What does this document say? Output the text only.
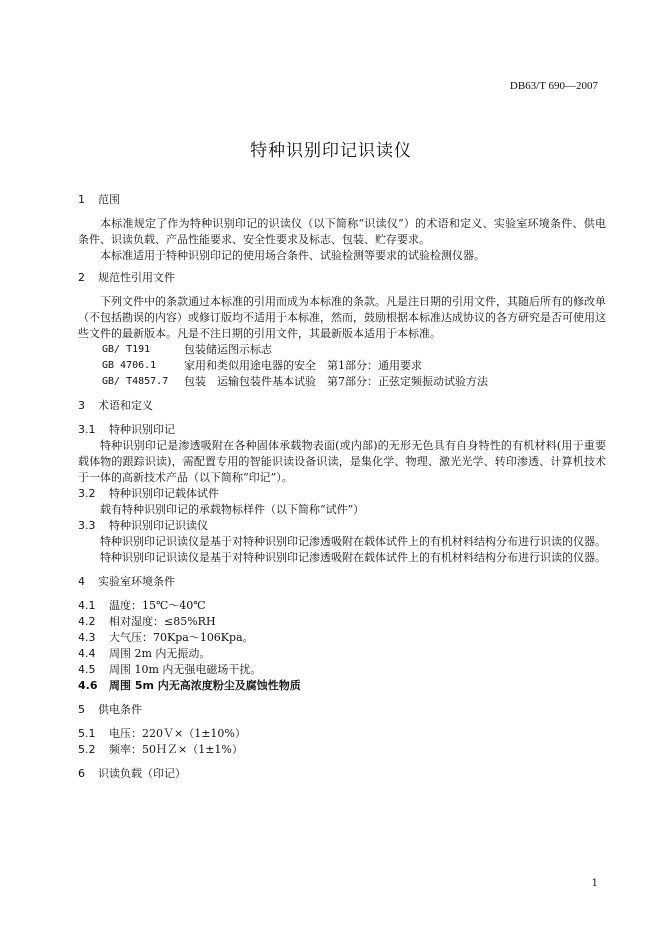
DB63/T 690—2007
特种识别印记识读仪

1 范围

本标准规定了作为特种识别印记的识读仪（以下简称“识读仪”）的术语和定义、实验室环境条件、供电条件、识读负载、产品性能要求、安全性要求及标志、包装、贮存要求。

本标准适用于特种识别印记的使用场合条件、试验检测等要求的试验检测仪器。

2 规范性引用文件

下列文件中的条款通过本标准的引用而成为本标准的条款。凡是注日期的引用文件，其随后所有的修改单（不包括勘误的内容）或修订版均不适用于本标准，然而，鼓励根据本标准达成协议的各方研究是否可使用这些文件的最新版本。凡是不注日期的引用文件，其最新版本适用于本标准。

GB/ T191	包装储运图示标志
GB 4706.1	家用和类似用途电器的安全　第1部分：通用要求
GB/ T4857.7	包装　运输包装件基本试验　第7部分：正弦定频振动试验方法

3 术语和定义

3.1 特种识别印记

特种识别印记是渗透吸附在各种固体承载物表面(或内部)的无形无色具有自身特性的有机材料(用于重要载体物的跟踪识读)，需配置专用的智能识读设备识读，是集化学、物理、激光光学、转印渗透、计算机技术于一体的高新技术产品（以下简称“印记”）。

3.2 特种识别印记载体试件

载有特种识别印记的承载物标样件（以下简称“试件”）

3.3 特种识别印记识读仪

特种识别印记识读仪是基于对特种识别印记渗透吸附在载体试件上的有机材料结构分布进行识读的仪器。

特种识别印记识读仪是基于对特种识别印记渗透吸附在载体试件上的有机材料结构分布进行识读的仪器。

4 实验室环境条件

4.1 温度：15℃～40℃

4.2 相对湿度：≤85%RH

4.3 大气压：70Kpa～106Kpa。

4.4 周围 2m 内无振动。

4.5 周围 10m 内无强电磁场干扰。

4.6 周围 5m 内无高浓度粉尘及腐蚀性物质

5 供电条件

5.1 电压：220Ｖ×（1±10%）

5.2 频率：50ＨＺ×（1±1%）

6 识读负载（印记）

1
